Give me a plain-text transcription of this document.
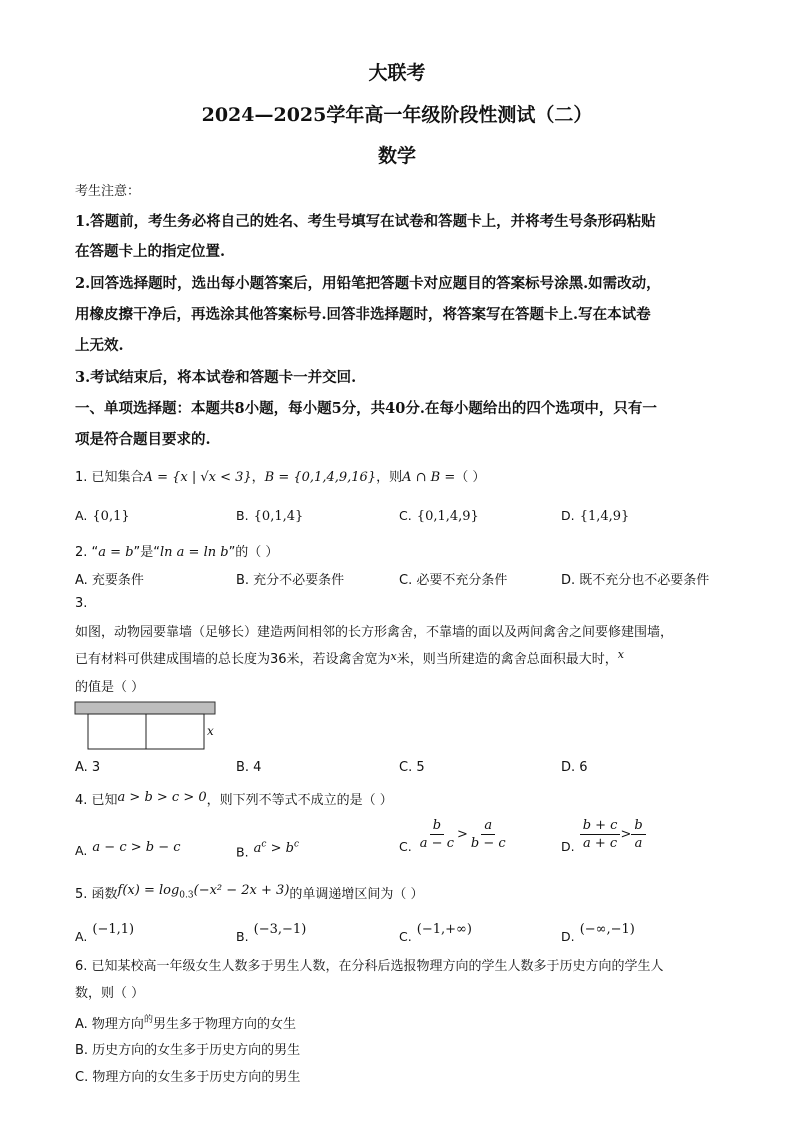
大联考
2024—2025学年高一年级阶段性测试（二）
数学
考生注意：
1.答题前，考生务必将自己的姓名、考生号填写在试卷和答题卡上，并将考生号条形码粘贴
在答题卡上的指定位置.
2.回答选择题时，选出每小题答案后，用铅笔把答题卡对应题目的答案标号涂黑.如需改动，
用橡皮擦干净后，再选涂其他答案标号.回答非选择题时，将答案写在答题卡上.写在本试卷
上无效.
3.考试结束后，将本试卷和答题卡一并交回.
一、单项选择题：本题共8小题，每小题5分，共40分.在每小题给出的四个选项中，只有一
项是符合题目要求的.
1. 已知集合A = {x | √x < 3}，B = {0,1,4,9,16}，则A ∩ B =（ ）
A. {0,1}	B. {0,1,4}	C. {0,1,4,9}	D. {1,4,9}
2. “a = b”是“ln a = ln b”的（ ）
A. 充要条件	B. 充分不必要条件	C. 必要不充分条件	D. 既不充分也不必要条件
3.
如图，动物园要靠墙（足够长）建造两间相邻的长方形禽舍，不靠墙的面以及两间禽舍之间要修建围墙，
已有材料可供建成围墙的总长度为36米，若设禽舍宽为$^x$米，则当所建造的禽舍总面积最大时，$^x$
的值是（ ）
x
A. 3	B. 4	C. 5	D. 6
4. 已知a > b > c > 0，则下列不等式不成立的是（ ）
A. $^{a - c > b - c}$	B. $^{a^c > b^c}$	$_{C.} \frac{b}{a - c} > \frac{a}{b - c}$	$_{D.} \frac{b + c}{a + c} > \frac{b}{a}$
5. 函数$f(x) = \log_{0.3}(-x^2 - 2x + 3)$的单调递增区间为（ ）
$_{A.}$ $^{(-1,1)}$	$_{B.}$ $^{(-3,-1)}$	$_{C.}$ $^{(-1,+\infty)}$	$_{D.}$ $^{(-\infty,-1)}$
6. 已知某校高一年级女生人数多于男生人数，在分科后选报物理方向的学生人数多于历史方向的学生人
数，则（ ）
A. 物理方向$^的$男生多于物理方向的女生
B. 历史方向的女生多于历史方向的男生
C. 物理方向的女生多于历史方向的男生
